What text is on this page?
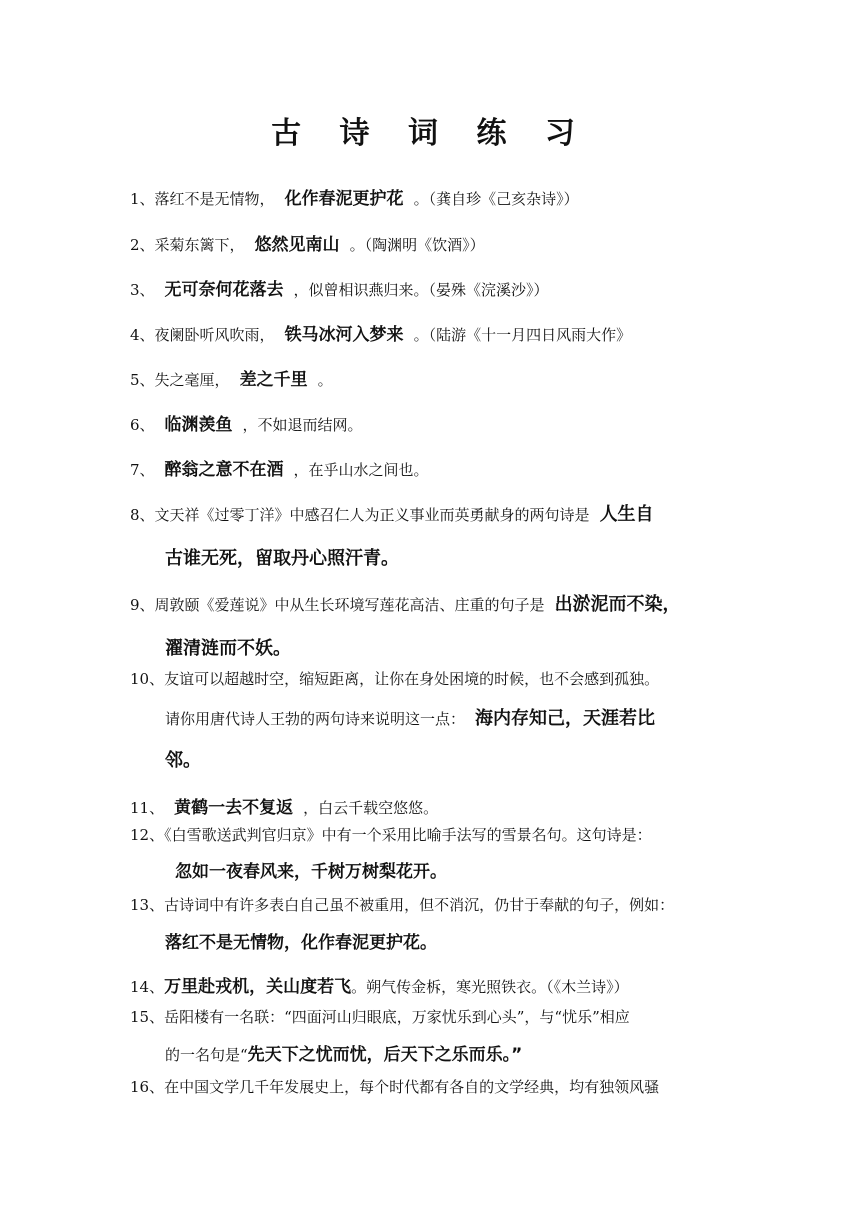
古 诗 词 练 习
1、落红不是无情物， 化作春泥更护花 。（龚自珍《己亥杂诗》）
2、采菊东篱下， 悠然见南山 。（陶渊明《饮酒》）
3、 无可奈何花落去 ，似曾相识燕归来。（晏殊《浣溪沙》）
4、夜阑卧听风吹雨， 铁马冰河入梦来 。（陆游《十一月四日风雨大作》
5、失之毫厘， 差之千里 。
6、 临渊羡鱼 ，不如退而结网。
7、 醉翁之意不在酒 ，在乎山水之间也。
8、文天祥《过零丁洋》中感召仁人为正义事业而英勇献身的两句诗是 人生自
古谁无死，留取丹心照汗青。
9、周敦颐《爱莲说》中从生长环境写莲花高洁、庄重的句子是 出淤泥而不染，
濯清涟而不妖。
10、友谊可以超越时空，缩短距离，让你在身处困境的时候，也不会感到孤独。
请你用唐代诗人王勃的两句诗来说明这一点： 海内存知己，天涯若比
邻。
11、 黄鹤一去不复返 ，白云千载空悠悠。
12、《白雪歌送武判官归京》中有一个采用比喻手法写的雪景名句。这句诗是：
忽如一夜春风来，千树万树梨花开。
13、古诗词中有许多表白自己虽不被重用，但不消沉，仍甘于奉献的句子，例如：
落红不是无情物，化作春泥更护花。
14、万里赴戎机，关山度若飞。朔气传金柝，寒光照铁衣。（《木兰诗》）
15、岳阳楼有一名联：“四面河山归眼底，万家忧乐到心头”，与“忧乐”相应
的一名句是“先天下之忧而忧，后天下之乐而乐。”
16、在中国文学几千年发展史上，每个时代都有各自的文学经典，均有独领风骚
